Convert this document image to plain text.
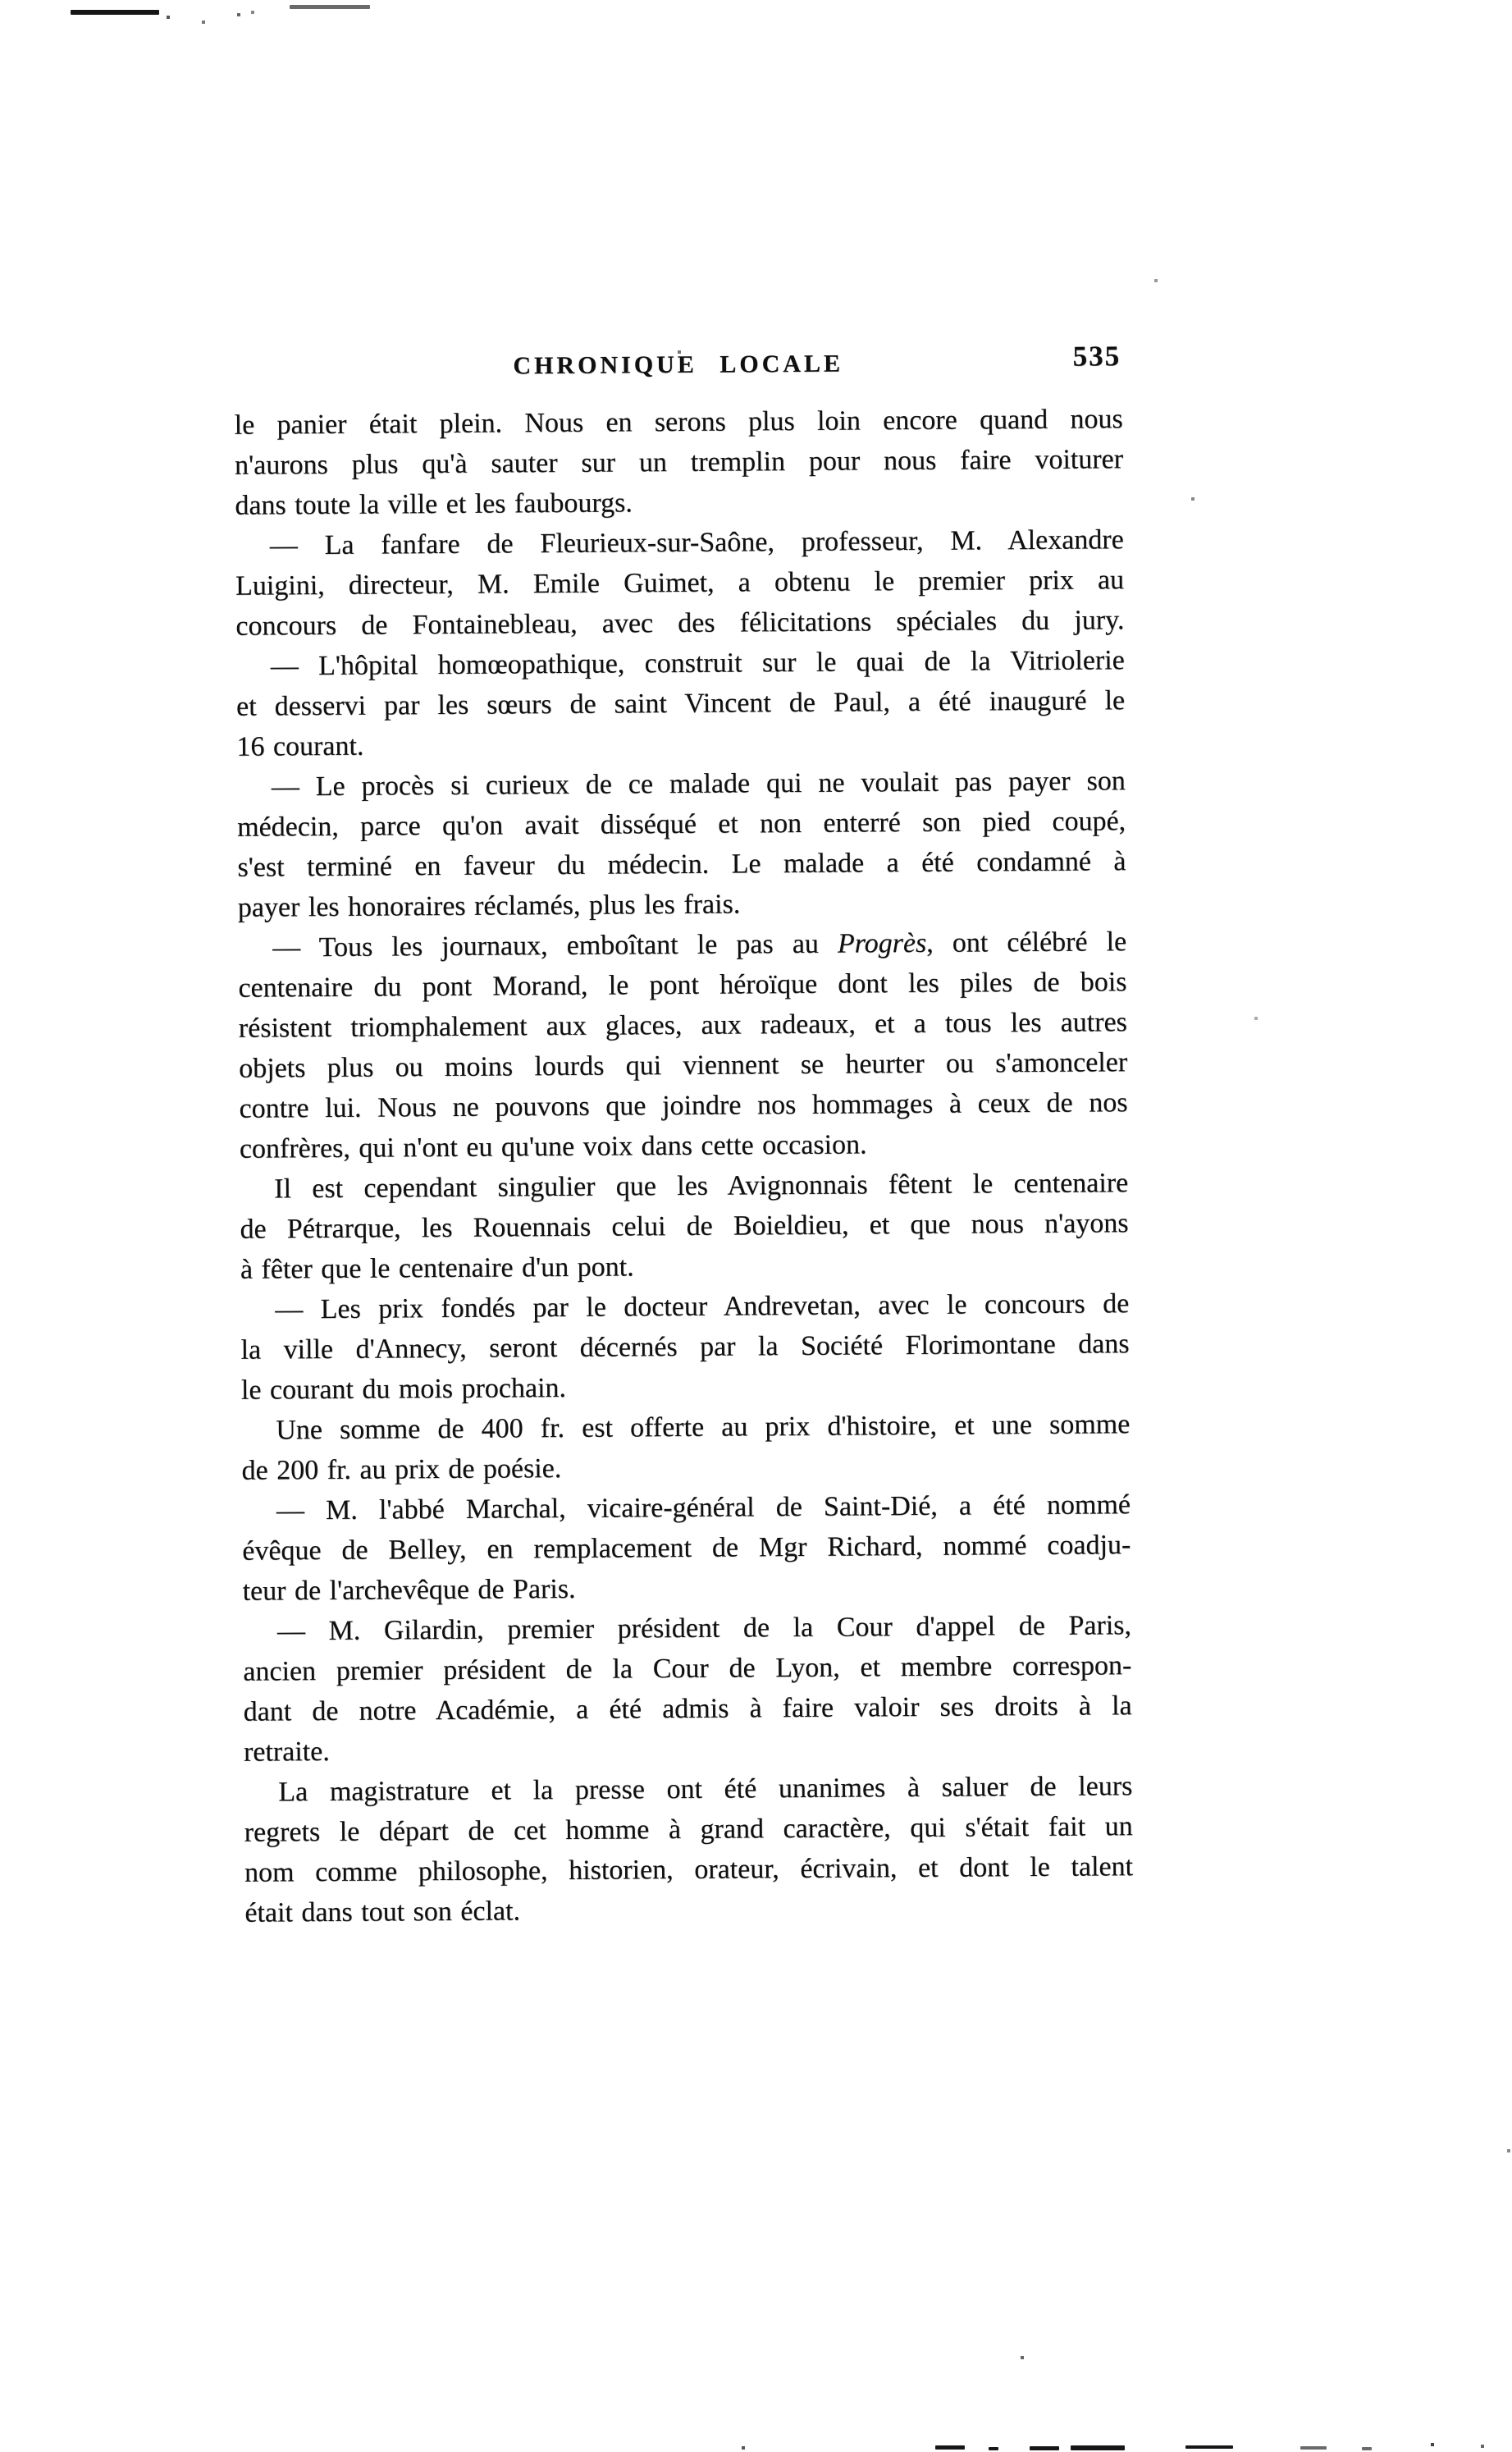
CHRONIQUE LOCALE	535
le panier était plein. Nous en serons plus loin encore quand nous
n'aurons plus qu'à sauter sur un tremplin pour nous faire voiturer
dans toute la ville et les faubourgs.
— La fanfare de Fleurieux-sur-Saône, professeur, M. Alexandre
Luigini, directeur, M. Emile Guimet, a obtenu le premier prix au
concours de Fontainebleau, avec des félicitations spéciales du jury.
— L'hôpital homœopathique, construit sur le quai de la Vitriolerie
et desservi par les sœurs de saint Vincent de Paul, a été inauguré le
16 courant.
— Le procès si curieux de ce malade qui ne voulait pas payer son
médecin, parce qu'on avait disséqué et non enterré son pied coupé,
s'est terminé en faveur du médecin. Le malade a été condamné à
payer les honoraires réclamés, plus les frais.
— Tous les journaux, emboîtant le pas au Progrès, ont célébré le
centenaire du pont Morand, le pont héroïque dont les piles de bois
résistent triomphalement aux glaces, aux radeaux, et a tous les autres
objets plus ou moins lourds qui viennent se heurter ou s'amonceler
contre lui. Nous ne pouvons que joindre nos hommages à ceux de nos
confrères, qui n'ont eu qu'une voix dans cette occasion.
Il est cependant singulier que les Avignonnais fêtent le centenaire
de Pétrarque, les Rouennais celui de Boieldieu, et que nous n'ayons
à fêter que le centenaire d'un pont.
— Les prix fondés par le docteur Andrevetan, avec le concours de
la ville d'Annecy, seront décernés par la Société Florimontane dans
le courant du mois prochain.
Une somme de 400 fr. est offerte au prix d'histoire, et une somme
de 200 fr. au prix de poésie.
— M. l'abbé Marchal, vicaire-général de Saint-Dié, a été nommé
évêque de Belley, en remplacement de Mgr Richard, nommé coadju-
teur de l'archevêque de Paris.
— M. Gilardin, premier président de la Cour d'appel de Paris,
ancien premier président de la Cour de Lyon, et membre correspon-
dant de notre Académie, a été admis à faire valoir ses droits à la
retraite.
La magistrature et la presse ont été unanimes à saluer de leurs
regrets le départ de cet homme à grand caractère, qui s'était fait un
nom comme philosophe, historien, orateur, écrivain, et dont le talent
était dans tout son éclat.
